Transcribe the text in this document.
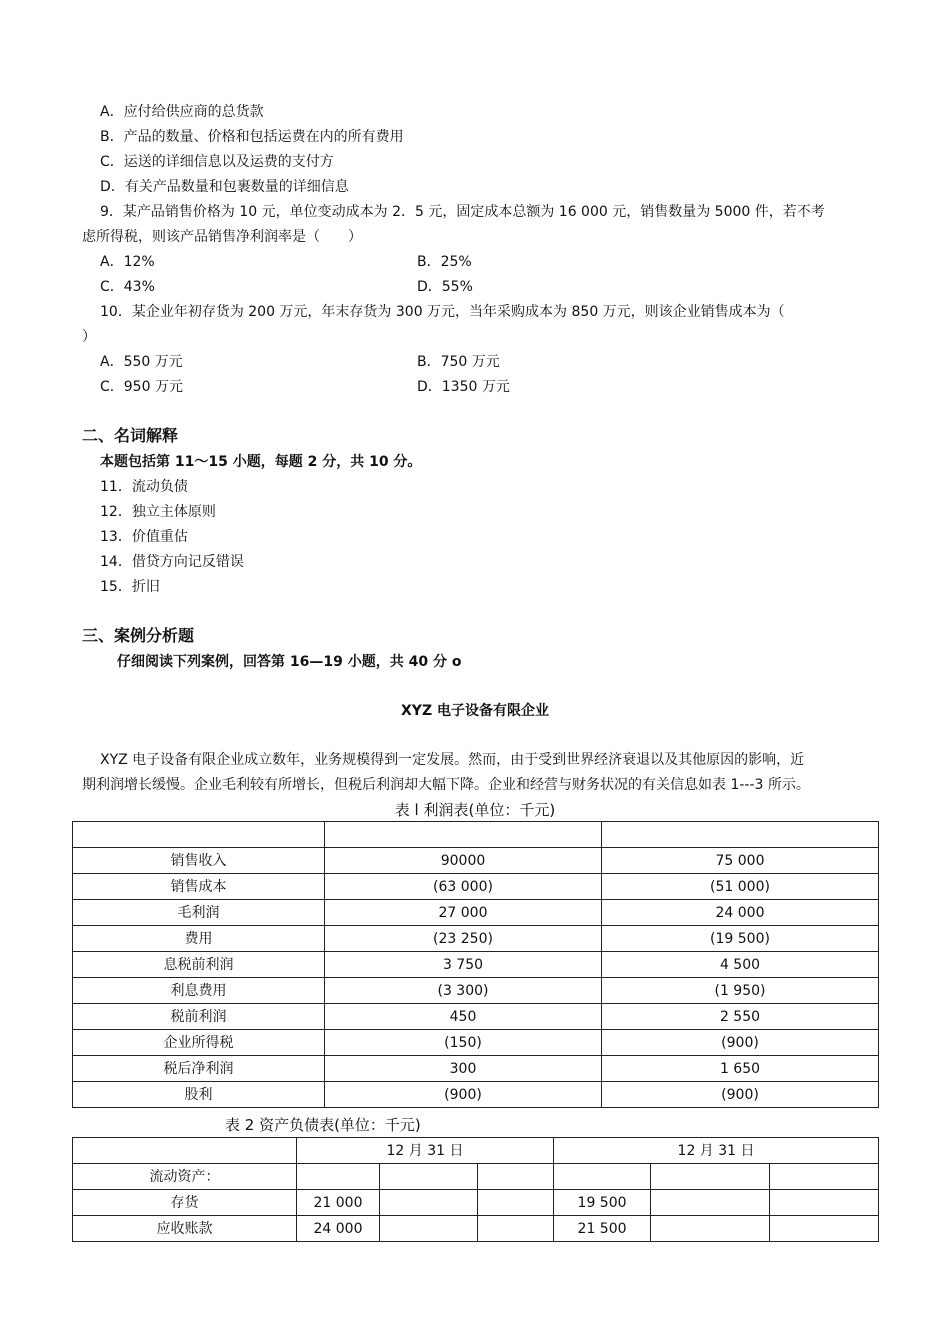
A．应付给供应商的总货款
B．产品的数量、价格和包括运费在内的所有费用
C．运送的详细信息以及运费的支付方
D．有关产品数量和包裹数量的详细信息
9．某产品销售价格为 10 元，单位变动成本为 2．5 元，固定成本总额为 16 000 元，销售数量为 5000 件，若不考
虑所得税，则该产品销售净利润率是（　　）
A．12%	B．25%
C．43%	D．55%
10．某企业年初存货为 200 万元，年末存货为 300 万元，当年采购成本为 850 万元，则该企业销售成本为（
）
A．550 万元	B．750 万元
C．950 万元	D．1350 万元
二、名词解释
本题包括第 11～15 小题，每题 2 分，共 10 分。
11．流动负债
12．独立主体原则
13．价值重估
14．借贷方向记反错误
15．折旧
三、案例分析题
仔细阅读下列案例，回答第 16—19 小题，共 40 分 o
XYZ 电子设备有限企业
XYZ 电子设备有限企业成立数年，业务规模得到一定发展。然而，由于受到世界经济衰退以及其他原因的影响，近
期利润增长缓慢。企业毛利较有所增长，但税后利润却大幅下降。企业和经营与财务状况的有关信息如表 1---3 所示。
表 l 利润表(单位：千元)

销售收入	90000	75 000
销售成本	(63 000)	(51 000)
毛利润	27 000	24 000
费用	(23 250)	(19 500)
息税前利润	3 750	4 500
利息费用	(3 300)	(1 950)
税前利润	450	2 550
企业所得税	(150)	(900)
税后净利润	300	1 650
股利	(900)	(900)
表 2 资产负债表(单位：千元)
	12 月 31 日			12 月 31 日		
流动资产：						
存货	21 000			19 500		
应收账款	24 000			21 500		
